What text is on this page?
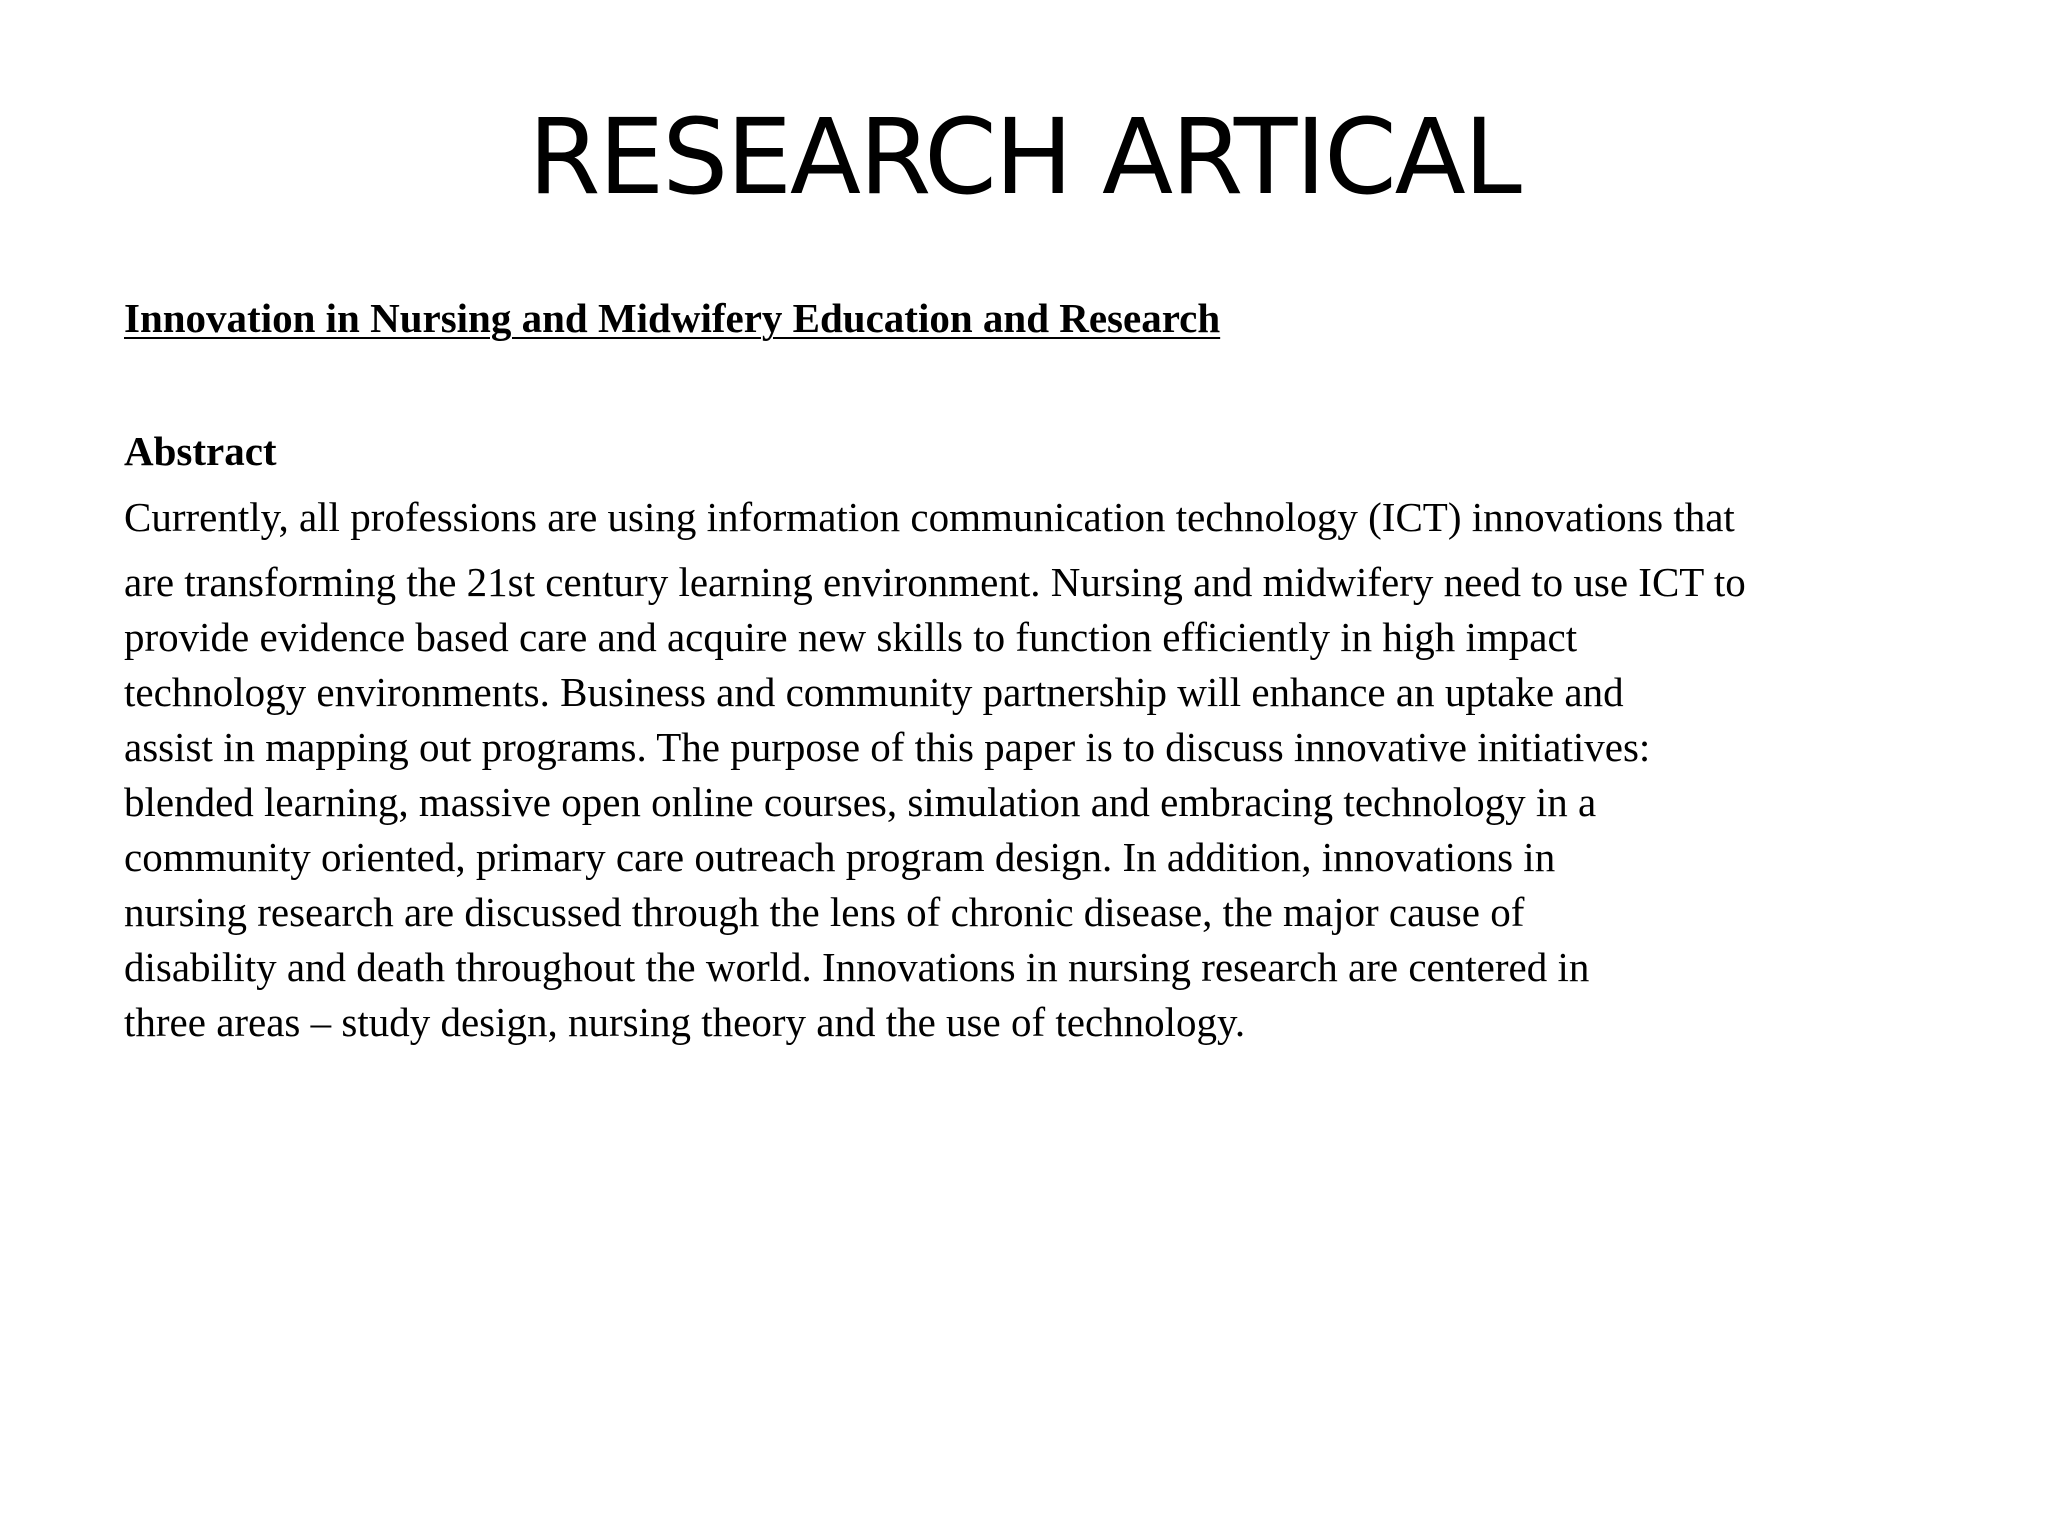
RESEARCH ARTICAL
Innovation in Nursing and Midwifery Education and Research
Abstract

Currently, all professions are using information communication technology (ICT) innovations that

are transforming the 21st century learning environment. Nursing and midwifery need to use ICT to
provide evidence based care and acquire new skills to function efficiently in high impact
technology environments. Business and community partnership will enhance an uptake and
assist in mapping out programs. The purpose of this paper is to discuss innovative initiatives:
blended learning, massive open online courses, simulation and embracing technology in a
community oriented, primary care outreach program design. In addition, innovations in
nursing research are discussed through the lens of chronic disease, the major cause of
disability and death throughout the world. Innovations in nursing research are centered in
three areas – study design, nursing theory and the use of technology.
